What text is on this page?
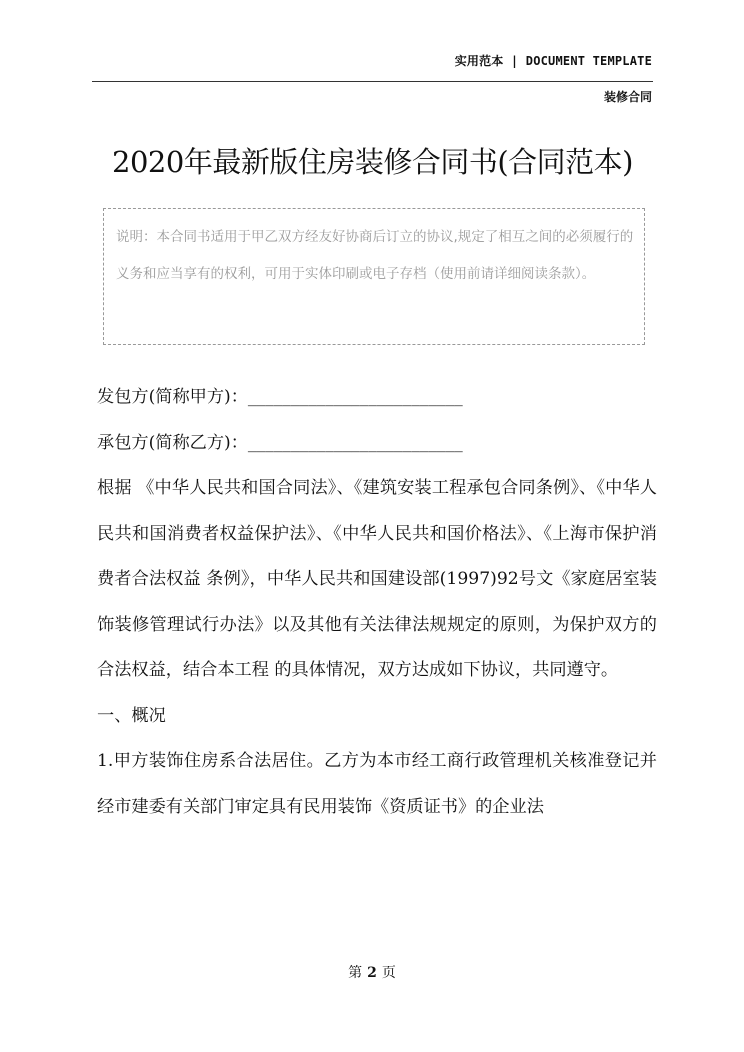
实用范本 | DOCUMENT TEMPLATE
装修合同
2020年最新版住房装修合同书(合同范本)
说明：本合同书适用于甲乙双方经友好协商后订立的协议,规定了相互之间的必须履行的义务和应当享有的权利，可用于实体印刷或电子存档（使用前请详细阅读条款）。

发包方(简称甲方)：_________________________

承包方(简称乙方)：_________________________

根据 《中华人民共和国合同法》、《建筑安装工程承包合同条例》、《中华人民共和国消费者权益保护法》、《中华人民共和国价格法》、《上海市保护消费者合法权益 条例》，中华人民共和国建设部(1997)92号文《家庭居室装饰装修管理试行办法》以及其他有关法律法规规定的原则，为保护双方的合法权益，结合本工程 的具体情况，双方达成如下协议，共同遵守。

一、概况

1.甲方装饰住房系合法居住。乙方为本市经工商行政管理机关核准登记并经市建委有关部门审定具有民用装饰《资质证书》的企业法

第 2 页
